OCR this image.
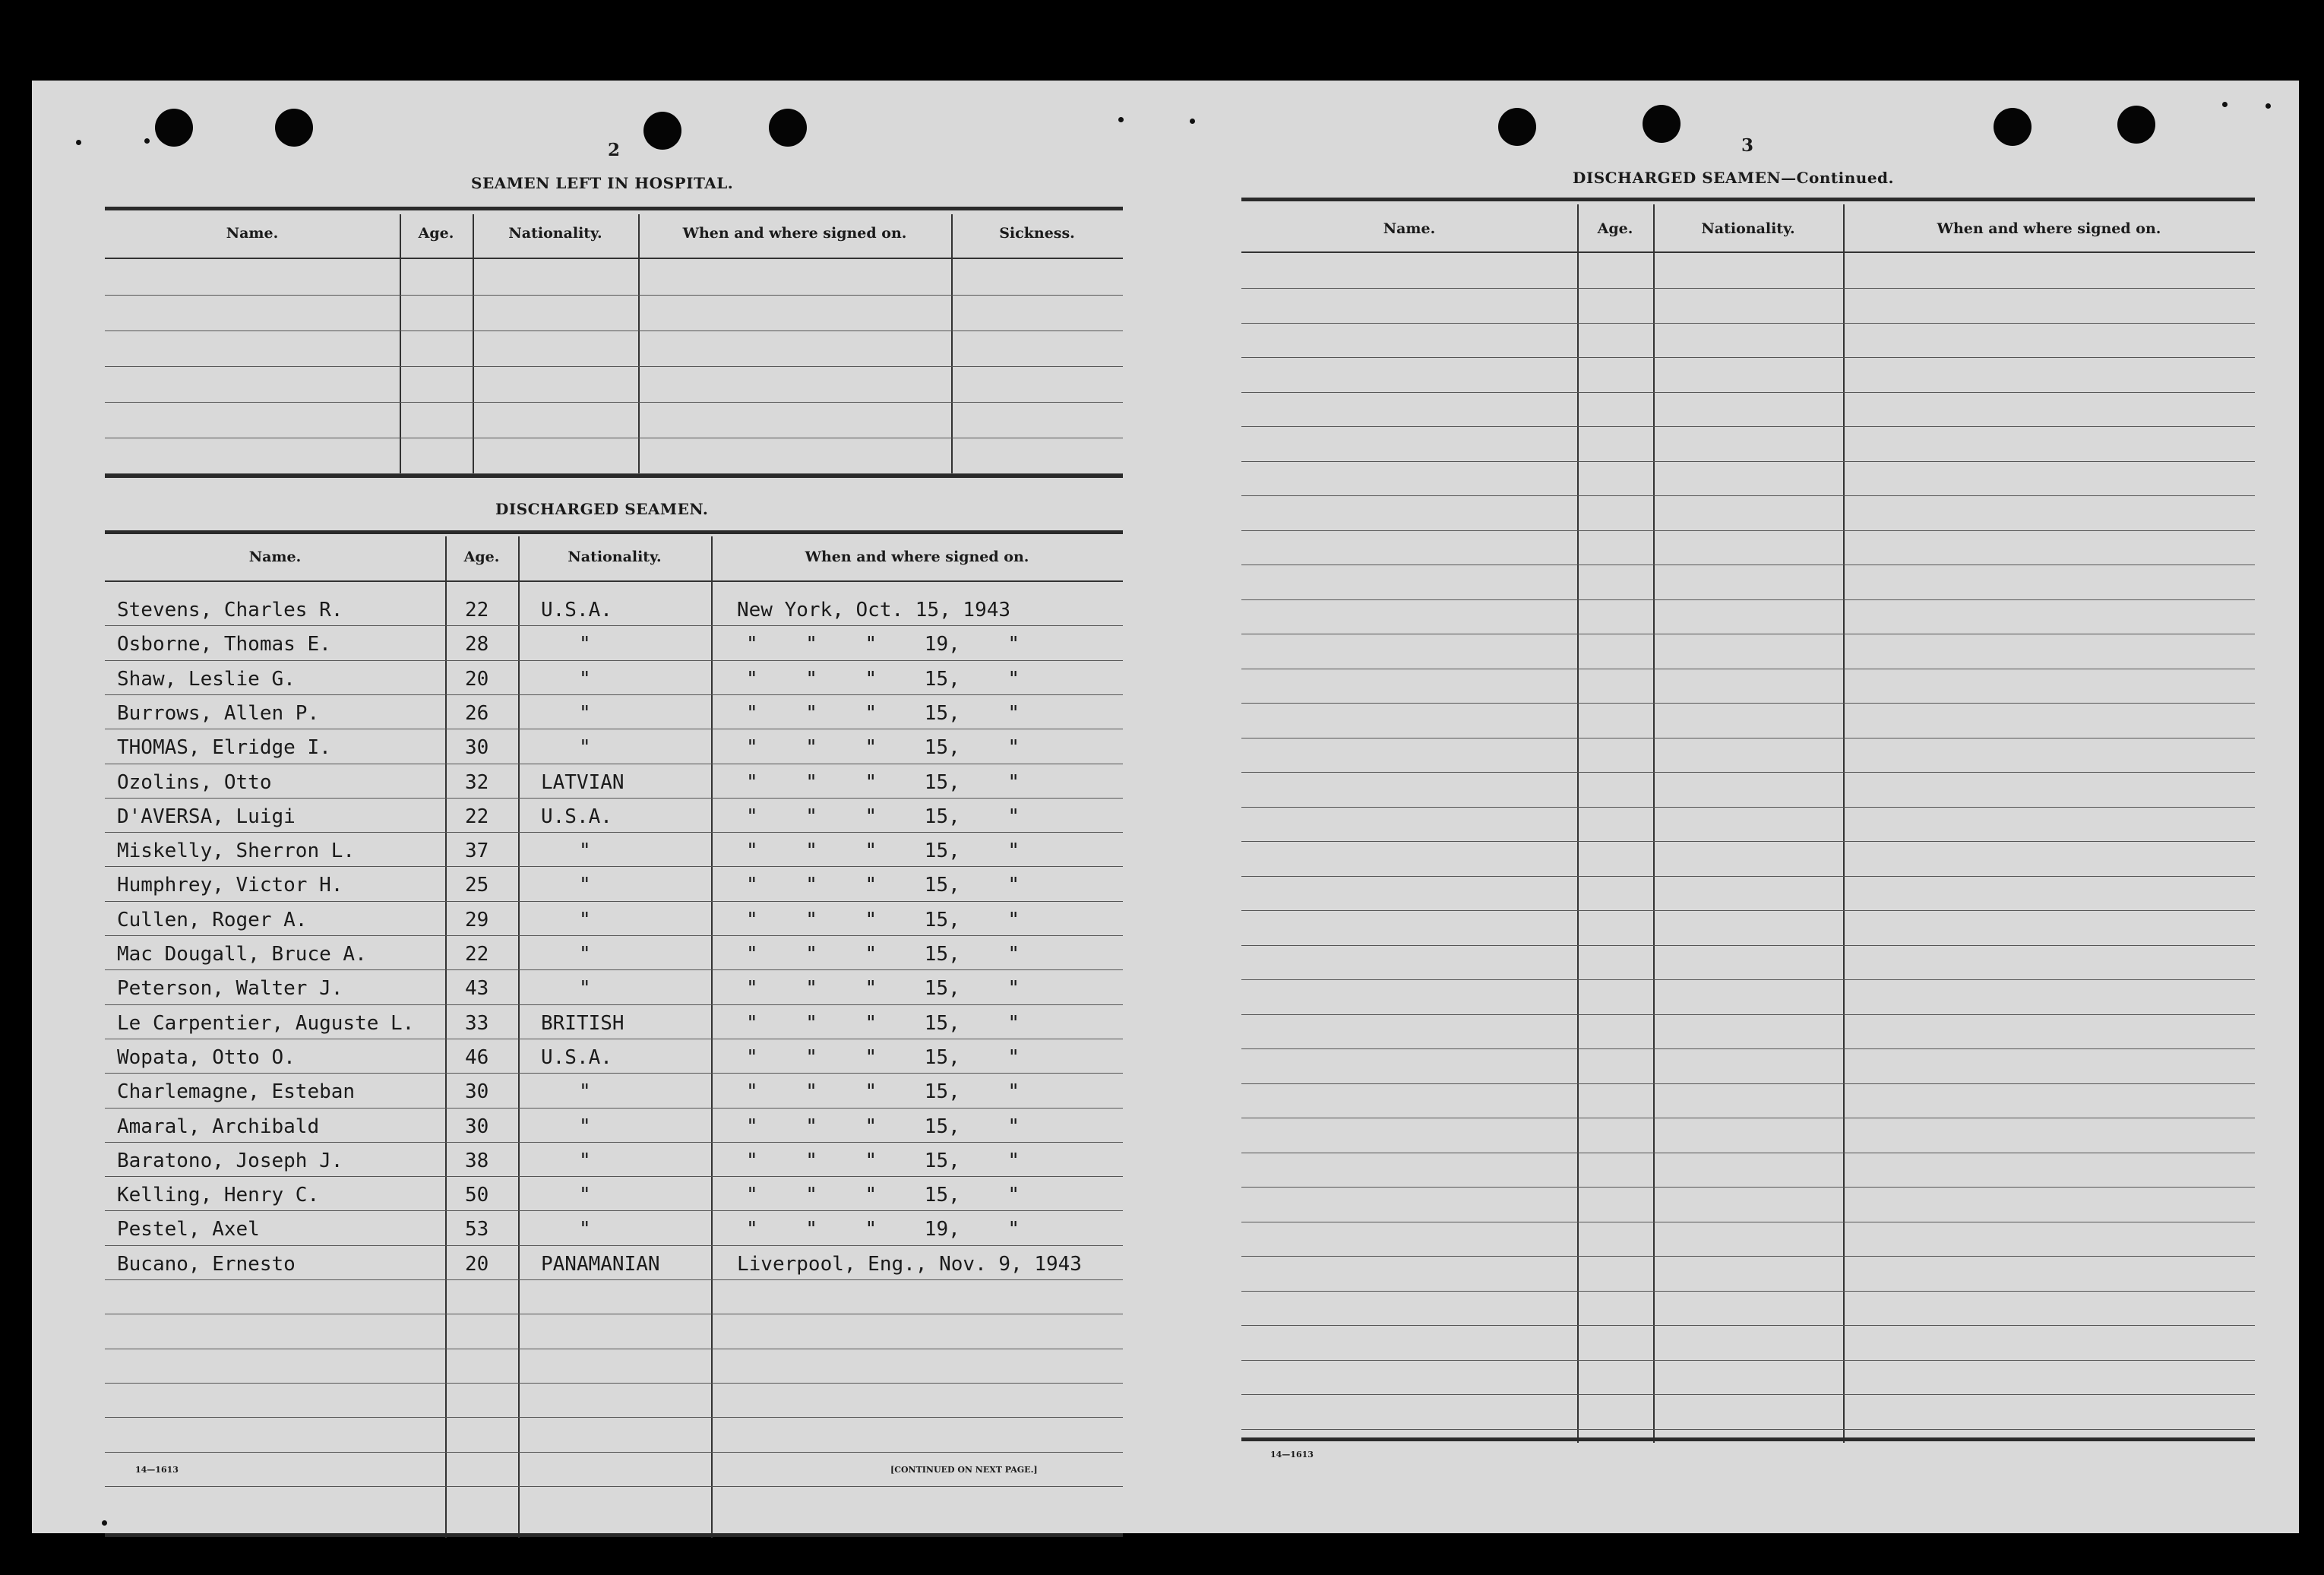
2
SEAMEN LEFT IN HOSPITAL.
Name.	Age.	Nationality.	When and where signed on.	Sickness.
DISCHARGED SEAMEN.
Name.	Age.	Nationality.	When and where signed on.
Stevens, Charles R.	22	U.S.A.	New York, Oct. 15, 1943
Osborne, Thomas E.	28	"	"    "    "    19,    "
Shaw, Leslie G.	20	"	"    "    "    15,    "
Burrows, Allen P.	26	"	"    "    "    15,    "
THOMAS, Elridge I.	30	"	"    "    "    15,    "
Ozolins, Otto	32	LATVIAN	"    "    "    15,    "
D'AVERSA, Luigi	22	U.S.A.	"    "    "    15,    "
Miskelly, Sherron L.	37	"	"    "    "    15,    "
Humphrey, Victor H.	25	"	"    "    "    15,    "
Cullen, Roger A.	29	"	"    "    "    15,    "
Mac Dougall, Bruce A.	22	"	"    "    "    15,    "
Peterson, Walter J.	43	"	"    "    "    15,    "
Le Carpentier, Auguste L.	33	BRITISH	"    "    "    15,    "
Wopata, Otto O.	46	U.S.A.	"    "    "    15,    "
Charlemagne, Esteban	30	"	"    "    "    15,    "
Amaral, Archibald	30	"	"    "    "    15,    "
Baratono, Joseph J.	38	"	"    "    "    15,    "
Kelling, Henry C.	50	"	"    "    "    15,    "
Pestel, Axel	53	"	"    "    "    19,    "
Bucano, Ernesto	20	PANAMANIAN	Liverpool, Eng., Nov. 9, 1943
14—1613	[CONTINUED ON NEXT PAGE.]
3
DISCHARGED SEAMEN—Continued.
Name.	Age.	Nationality.	When and where signed on.
14—1613
